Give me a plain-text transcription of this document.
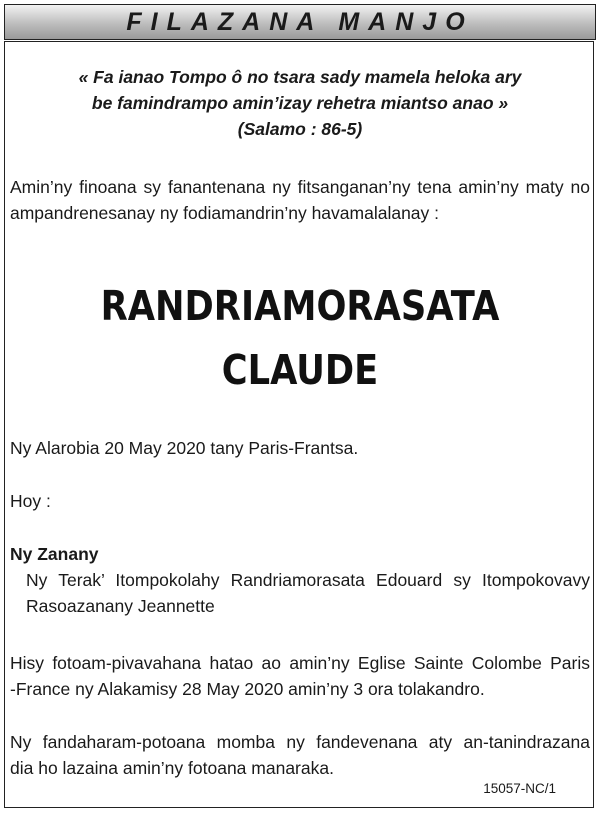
FILAZANA MANJO
« Fa ianao Tompo ô no tsara sady mamela heloka ary
be famindrampo amin’izay rehetra miantso anao »
(Salamo : 86-5)
Amin’ny finoana sy fanantenana ny fitsanganan’ny tena amin’ny maty no
ampandrenesanay ny fodiamandrin’ny havamalalanay :
RANDRIAMORASATA
CLAUDE
Ny Alarobia 20 May 2020 tany Paris-Frantsa.
Hoy :
Ny Zanany
Ny Terak’ Itompokolahy Randriamorasata Edouard sy Itompokovavy
Rasoazanany Jeannette
Hisy fotoam-pivavahana hatao ao amin’ny Eglise Sainte Colombe Paris
-France ny Alakamisy 28 May 2020 amin’ny 3 ora tolakandro.
Ny fandaharam-potoana momba ny fandevenana aty an-tanindrazana
dia ho lazaina amin’ny fotoana manaraka.
15057-NC/1
